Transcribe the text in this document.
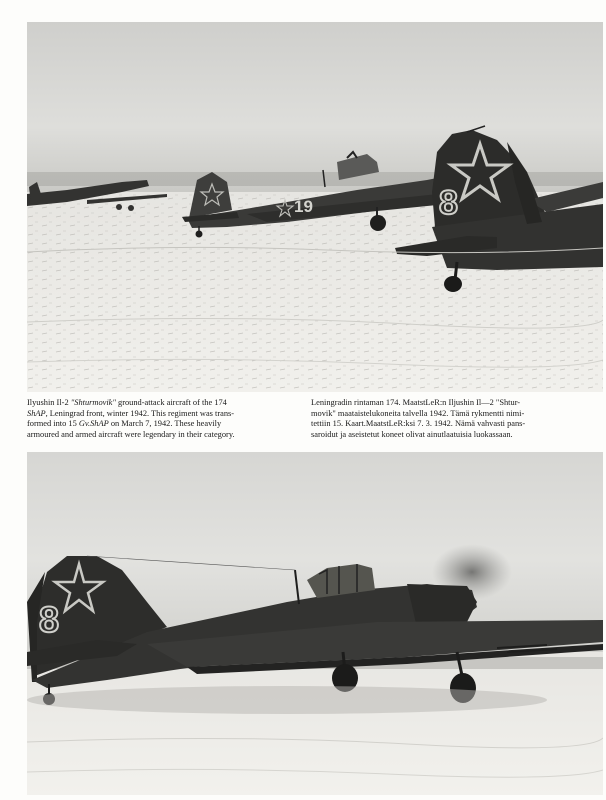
19	8
Ilyushin Il-2 "Shturmovik" ground-attack aircraft of the 174
ShAP, Leningrad front, winter 1942. This regiment was trans-
formed into 15 Gv.ShAP on March 7, 1942. These heavily
armoured and armed aircraft were legendary in their category.
Leningradin rintaman 174. MaatstLeR:n Iljushin Il—2 "Shtur-
movik" maataistelukoneita talvella 1942. Tämä rykmentti nimi-
tettiin 15. Kaart.MaatstLeR:ksi 7. 3. 1942. Nämä vahvasti pans-
saroidut ja aseistetut koneet olivat ainutlaatuisia luokassaan.
8
